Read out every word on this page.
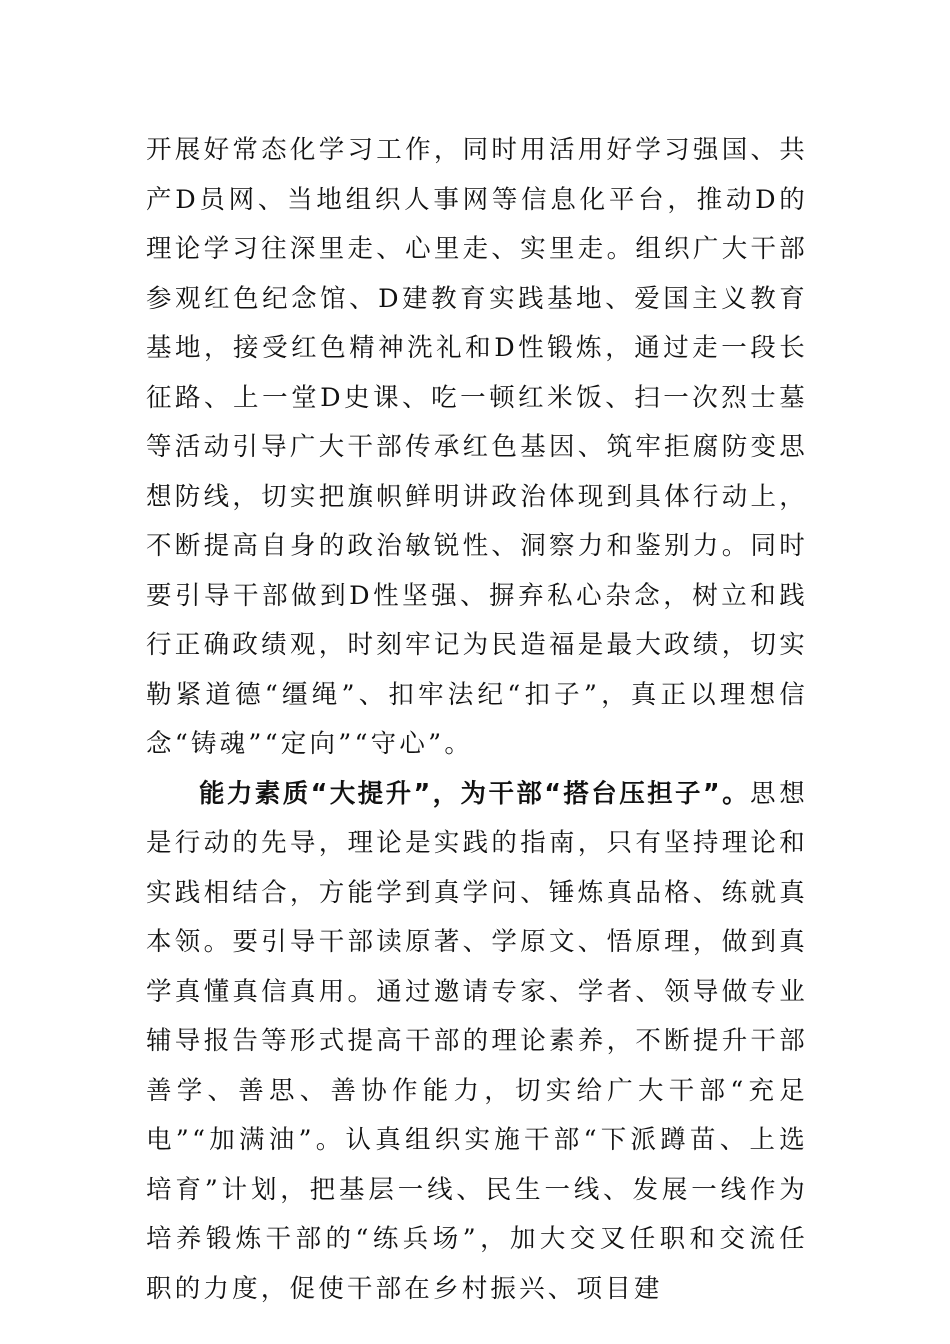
开展好常态化学习工作，同时用活用好学习强国、共产D员网、当地组织人事网等信息化平台，推动D的理论学习往深里走、心里走、实里走。组织广大干部参观红色纪念馆、D建教育实践基地、爱国主义教育基地，接受红色精神洗礼和D性锻炼，通过走一段长征路、上一堂D史课、吃一顿红米饭、扫一次烈士墓等活动引导广大干部传承红色基因、筑牢拒腐防变思想防线，切实把旗帜鲜明讲政治体现到具体行动上，不断提高自身的政治敏锐性、洞察力和鉴别力。同时要引导干部做到D性坚强、摒弃私心杂念，树立和践行正确政绩观，时刻牢记为民造福是最大政绩，切实勒紧道德“缰绳”、扣牢法纪“扣子”，真正以理想信念“铸魂”“定向”“守心”。

能力素质“大提升”，为干部“搭台压担子”。思想是行动的先导，理论是实践的指南，只有坚持理论和实践相结合，方能学到真学问、锤炼真品格、练就真本领。要引导干部读原著、学原文、悟原理，做到真学真懂真信真用。通过邀请专家、学者、领导做专业辅导报告等形式提高干部的理论素养，不断提升干部善学、善思、善协作能力，切实给广大干部“充足电”“加满油”。认真组织实施干部“下派蹲苗、上选培育”计划，把基层一线、民生一线、发展一线作为培养锻炼干部的“练兵场”，加大交叉任职和交流任职的力度，促使干部在乡村振兴、项目建
